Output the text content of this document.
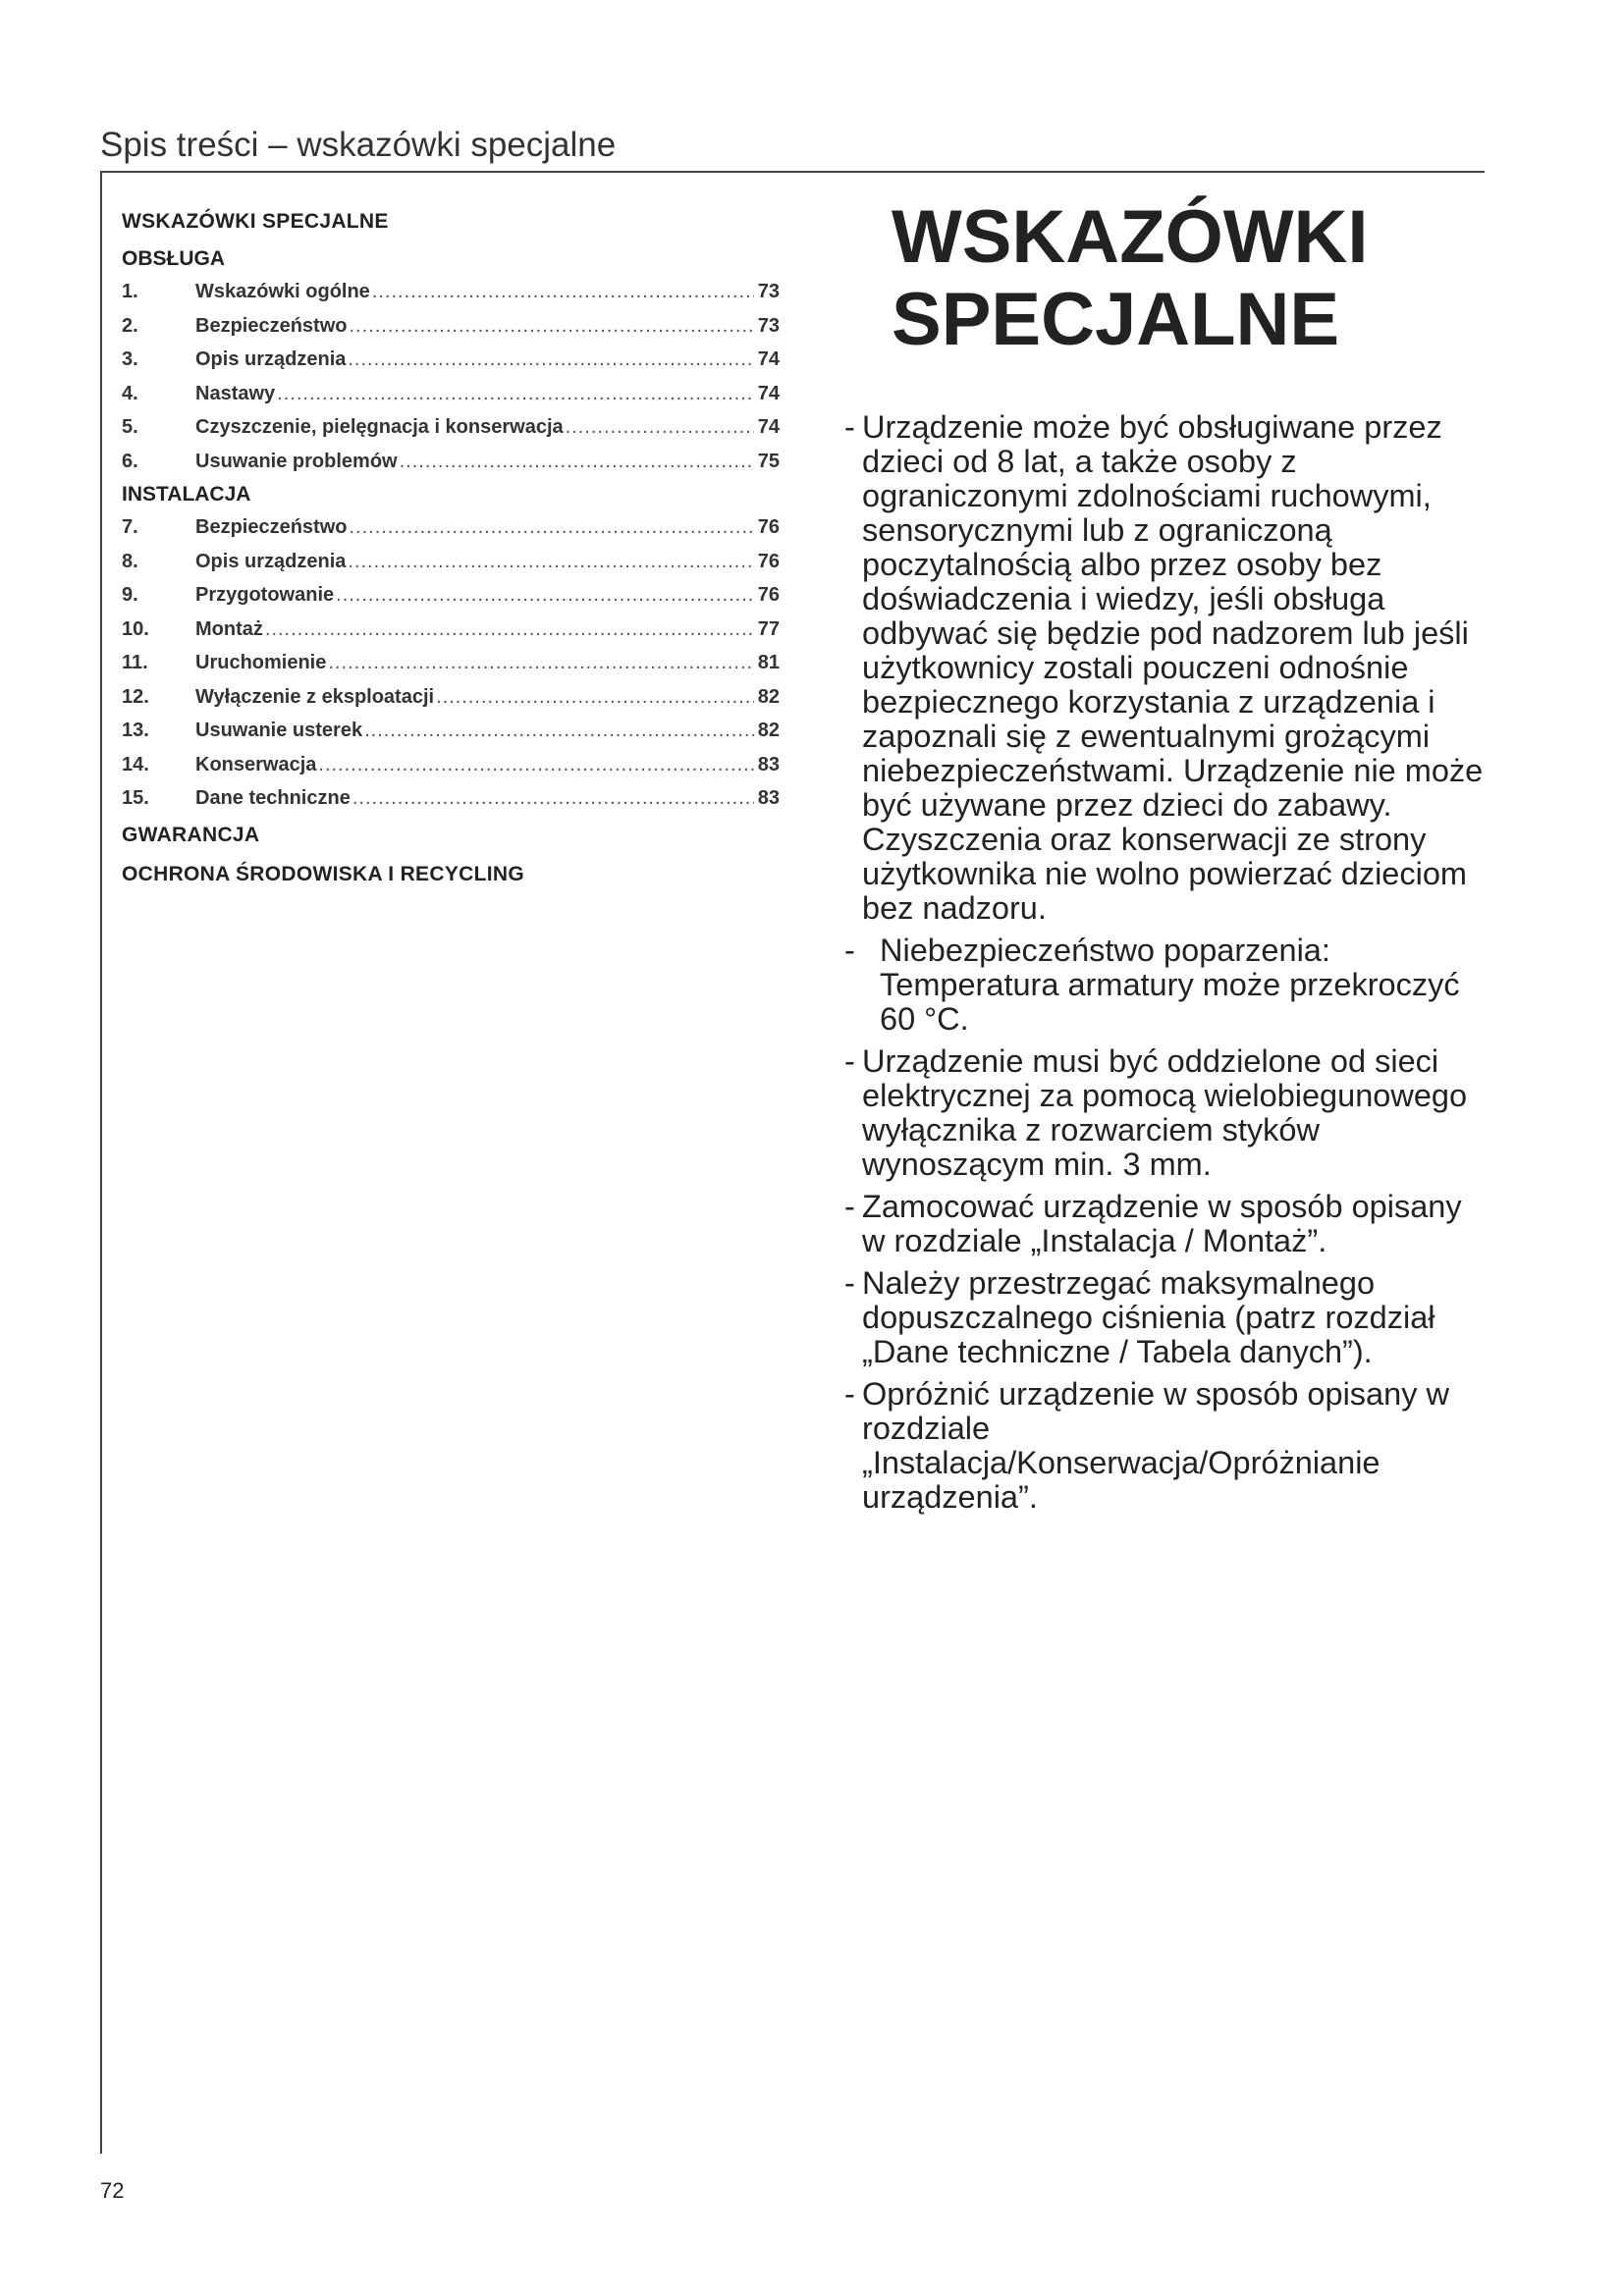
Spis treści – wskazówki specjalne
WSKAZÓWKI SPECJALNE
OBSŁUGA
1.	Wskazówki ogólne .....	73
2.	Bezpieczeństwo .....	73
3.	Opis urządzenia .....	74
4.	Nastawy .....	74
5.	Czyszczenie, pielęgnacja i konserwacja .....	74
6.	Usuwanie problemów .....	75
INSTALACJA
7.	Bezpieczeństwo .....	76
8.	Opis urządzenia .....	76
9.	Przygotowanie .....	76
10.	Montaż .....	77
11.	Uruchomienie .....	81
12.	Wyłączenie z eksploatacji .....	82
13.	Usuwanie usterek .....	82
14.	Konserwacja .....	83
15.	Dane techniczne .....	83
GWARANCJA
OCHRONA ŚRODOWISKA I RECYCLING
WSKAZÓWKI
SPECJALNE
- Urządzenie może być obsługiwane przez dzieci od 8 lat, a także osoby z ograniczonymi zdolnościami ruchowymi, sensorycznymi lub z ograniczoną poczytalnością albo przez osoby bez doświadczenia i wiedzy, jeśli obsługa odbywać się będzie pod nadzorem lub jeśli użytkownicy zostali pouczeni odnośnie bezpiecznego korzystania z urządzenia i zapoznali się z ewentualnymi grożącymi niebezpieczeństwami. Urządzenie nie może być używane przez dzieci do zabawy. Czyszczenia oraz konserwacji ze strony użytkownika nie wolno powierzać dzieciom bez nadzoru.
- Niebezpieczeństwo poparzenia: Temperatura armatury może przekroczyć 60 °C.
- Urządzenie musi być oddzielone od sieci elektrycznej za pomocą wielobiegunowego wyłącznika z rozwarciem styków wynoszącym min. 3 mm.
- Zamocować urządzenie w sposób opisany w rozdziale „Instalacja / Montaż”.
- Należy przestrzegać maksymalnego dopuszczalnego ciśnienia (patrz rozdział „Dane techniczne / Tabela danych”).
- Opróżnić urządzenie w sposób opisany w rozdziale „Instalacja/Konserwacja/Opróżnianie urządzenia”.
72
